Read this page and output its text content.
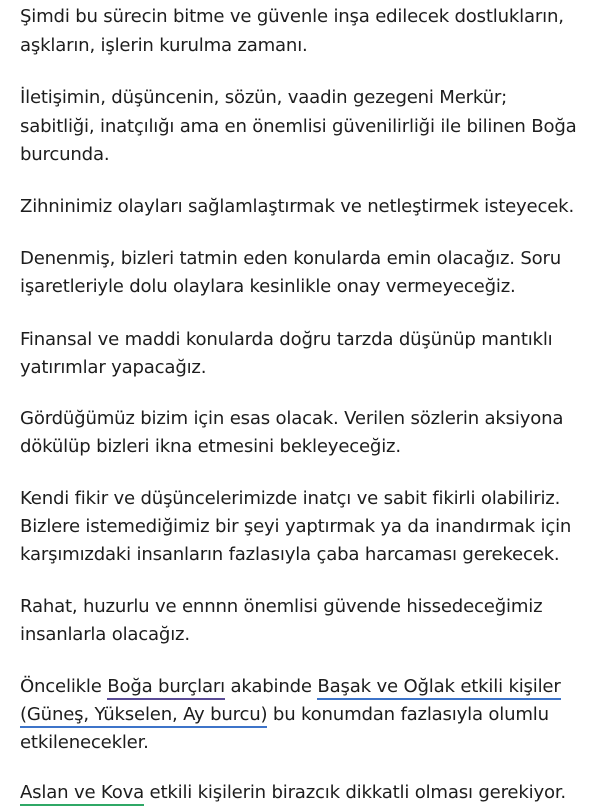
Şimdi bu sürecin bitme ve güvenle inşa edilecek dostlukların,
aşkların, işlerin kurulma zamanı.
İletişimin, düşüncenin, sözün, vaadin gezegeni Merkür;
sabitliği, inatçılığı ama en önemlisi güvenilirliği ile bilinen Boğa
burcunda.
Zihninimiz olayları sağlamlaştırmak ve netleştirmek isteyecek.
Denenmiş, bizleri tatmin eden konularda emin olacağız. Soru
işaretleriyle dolu olaylara kesinlikle onay vermeyeceğiz.
Finansal ve maddi konularda doğru tarzda düşünüp mantıklı
yatırımlar yapacağız.
Gördüğümüz bizim için esas olacak. Verilen sözlerin aksiyona
dökülüp bizleri ikna etmesini bekleyeceğiz.
Kendi fikir ve düşüncelerimizde inatçı ve sabit fikirli olabiliriz.
Bizlere istemediğimiz bir şeyi yaptırmak ya da inandırmak için
karşımızdaki insanların fazlasıyla çaba harcaması gerekecek.
Rahat, huzurlu ve ennnn önemlisi güvende hissedeceğimiz
insanlarla olacağız.
Öncelikle Boğa burçları akabinde Başak ve Oğlak etkili kişiler
(Güneş, Yükselen, Ay burcu) bu konumdan fazlasıyla olumlu
etkilenecekler.
Aslan ve Kova etkili kişilerin birazcık dikkatli olması gerekiyor.
